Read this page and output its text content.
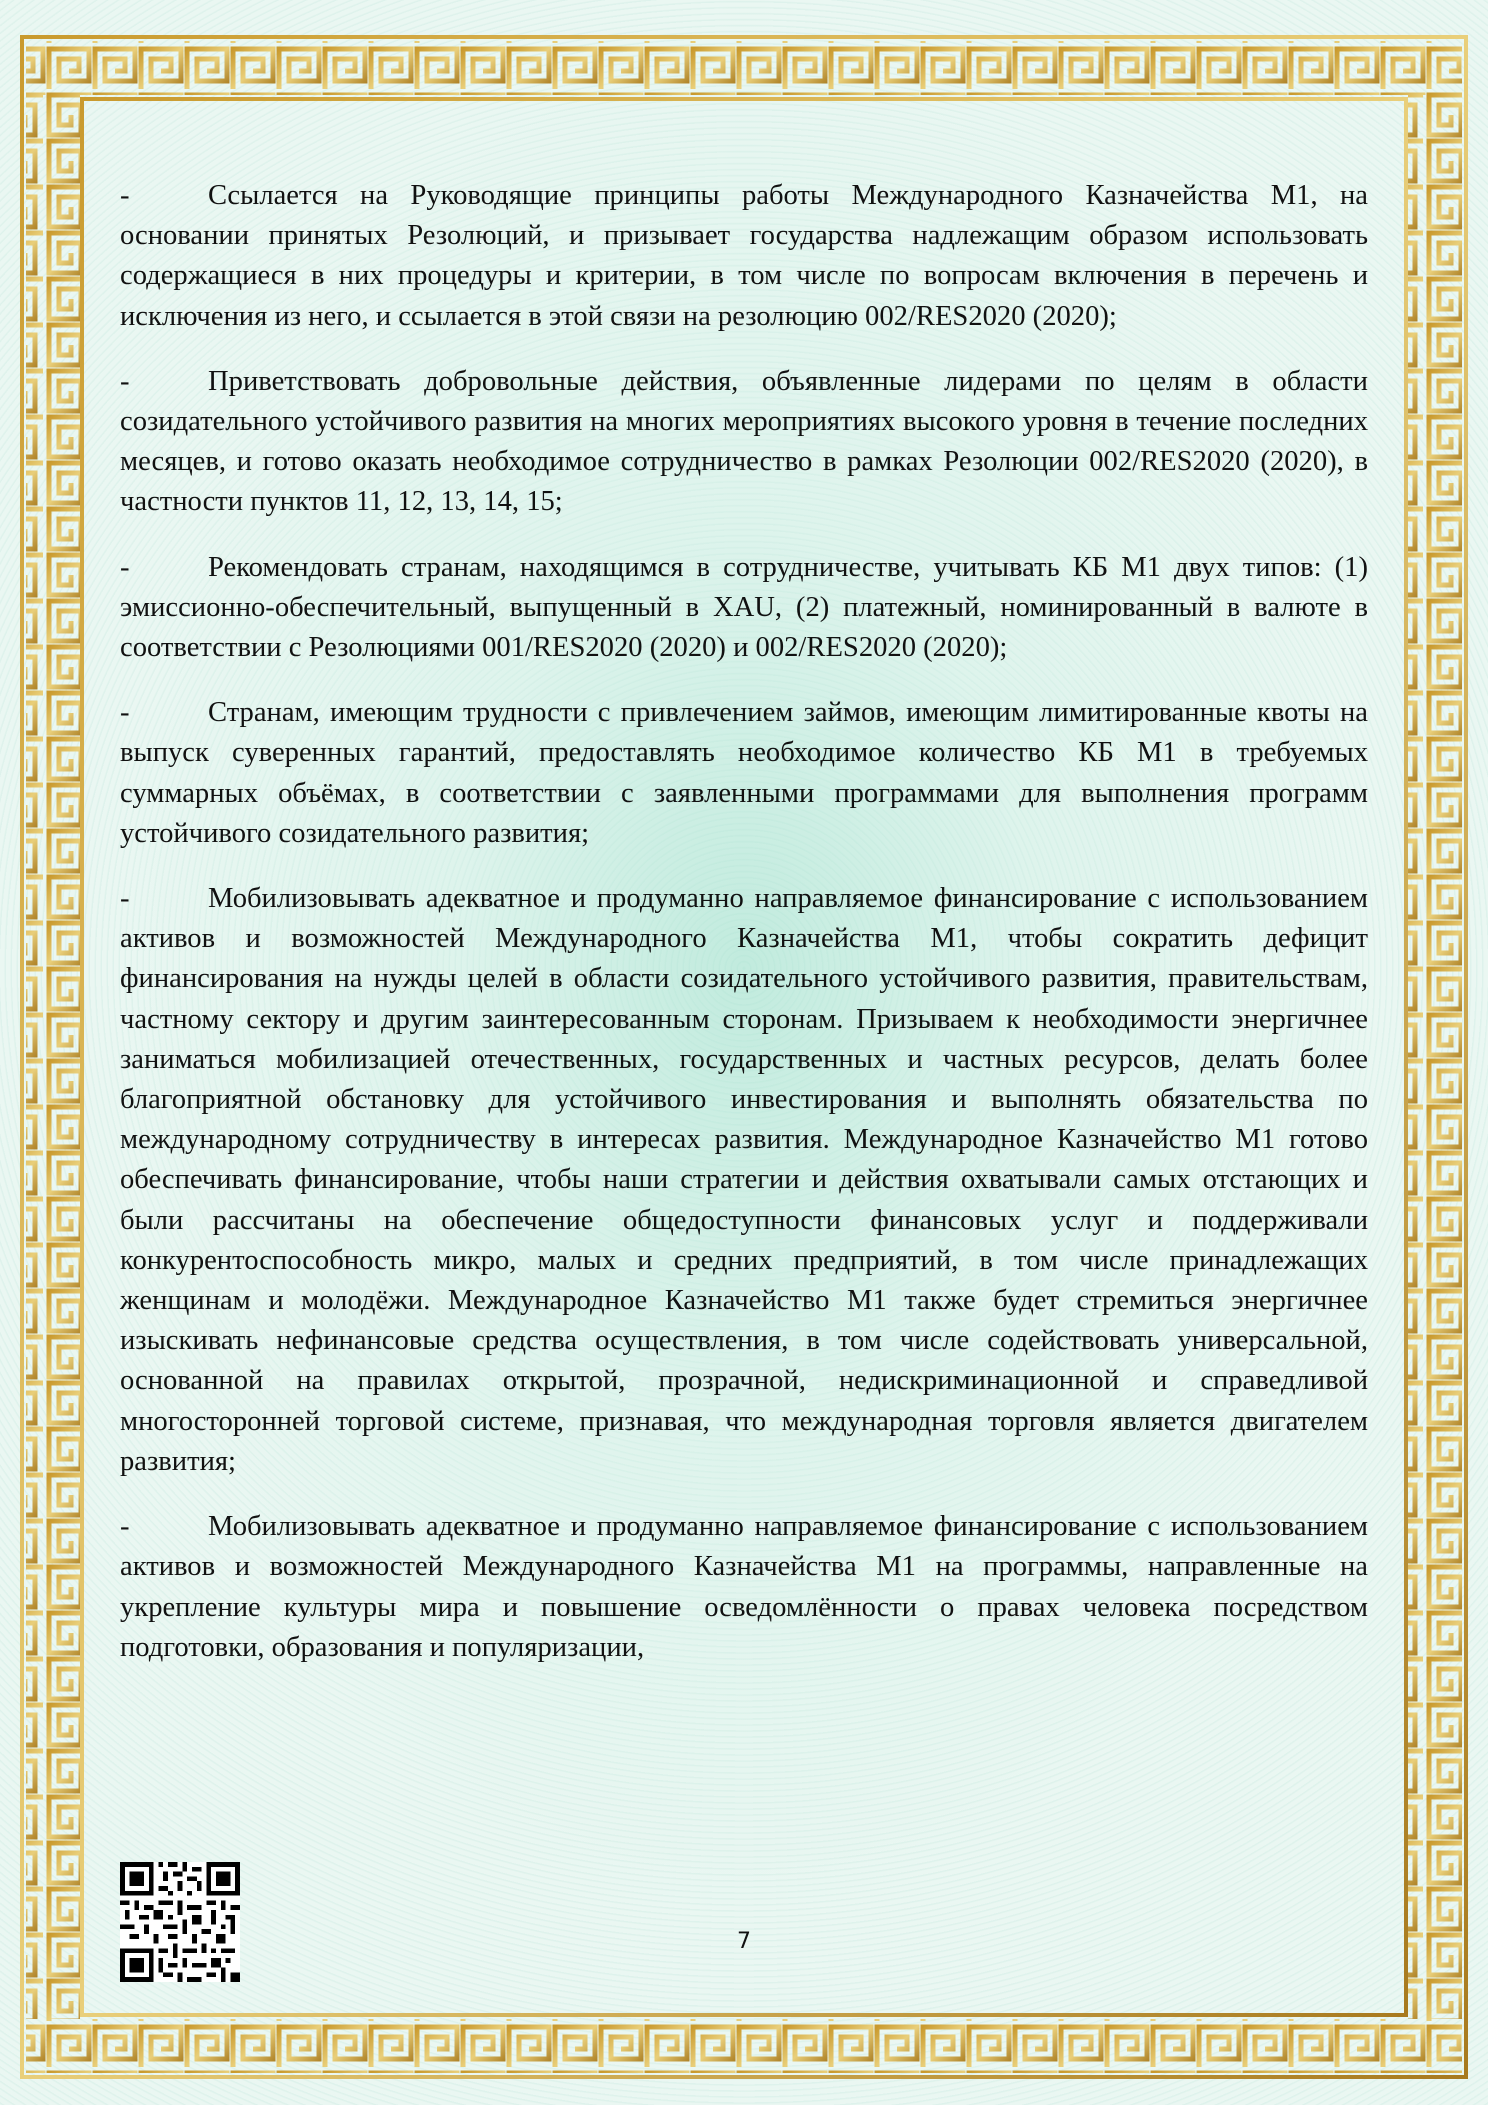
-	Ссылается на Руководящие принципы работы Международного Казначейства М1, на основании принятых Резолюций, и призывает государства надлежащим образом использовать содержащиеся в них процедуры и критерии, в том числе по вопросам включения в перечень и исключения из него, и ссылается в этой связи на резолюцию 002/RES2020 (2020);

-	Приветствовать добровольные действия, объявленные лидерами по целям в области созидательного устойчивого развития на многих мероприятиях высокого уровня в течение последних месяцев, и готово оказать необходимое сотрудничество в рамках Резолюции 002/RES2020 (2020), в частности пунктов 11, 12, 13, 14, 15;

-	Рекомендовать странам, находящимся в сотрудничестве, учитывать КБ М1 двух типов: (1) эмиссионно-обеспечительный, выпущенный в XAU, (2) платежный, номинированный в валюте в соответствии с Резолюциями 001/RES2020 (2020) и 002/RES2020 (2020);

-	Странам, имеющим трудности с привлечением займов, имеющим лимитированные квоты на выпуск суверенных гарантий, предоставлять необходимое количество КБ М1 в требуемых суммарных объёмах, в соответствии с заявленными программами для выполнения программ устойчивого созидательного развития;

-	Мобилизовывать адекватное и продуманно направляемое финансирование с использованием активов и возможностей Международного Казначейства М1, чтобы сократить дефицит финансирования на нужды целей в области созидательного устойчивого развития, правительствам, частному сектору и другим заинтересованным сторонам. Призываем к необходимости энергичнее заниматься мобилизацией отечественных, государственных и частных ресурсов, делать более благоприятной обстановку для устойчивого инвестирования и выполнять обязательства по международному сотрудничеству в интересах развития. Международное Казначейство М1 готово обеспечивать финансирование, чтобы наши стратегии и действия охватывали самых отстающих и были рассчитаны на обеспечение общедоступности финансовых услуг и поддерживали конкурентоспособность микро, малых и средних предприятий, в том числе принадлежащих женщинам и молодёжи. Международное Казначейство М1 также будет стремиться энергичнее изыскивать нефинансовые средства осуществления, в том числе содействовать универсальной, основанной на правилах открытой, прозрачной, недискриминационной и справедливой многосторонней торговой системе, признавая, что международная торговля является двигателем развития;

-	Мобилизовывать адекватное и продуманно направляемое финансирование с использованием активов и возможностей Международного Казначейства М1 на программы, направленные на укрепление культуры мира и повышение осведомлённости о правах человека посредством подготовки, образования и популяризации,

7
